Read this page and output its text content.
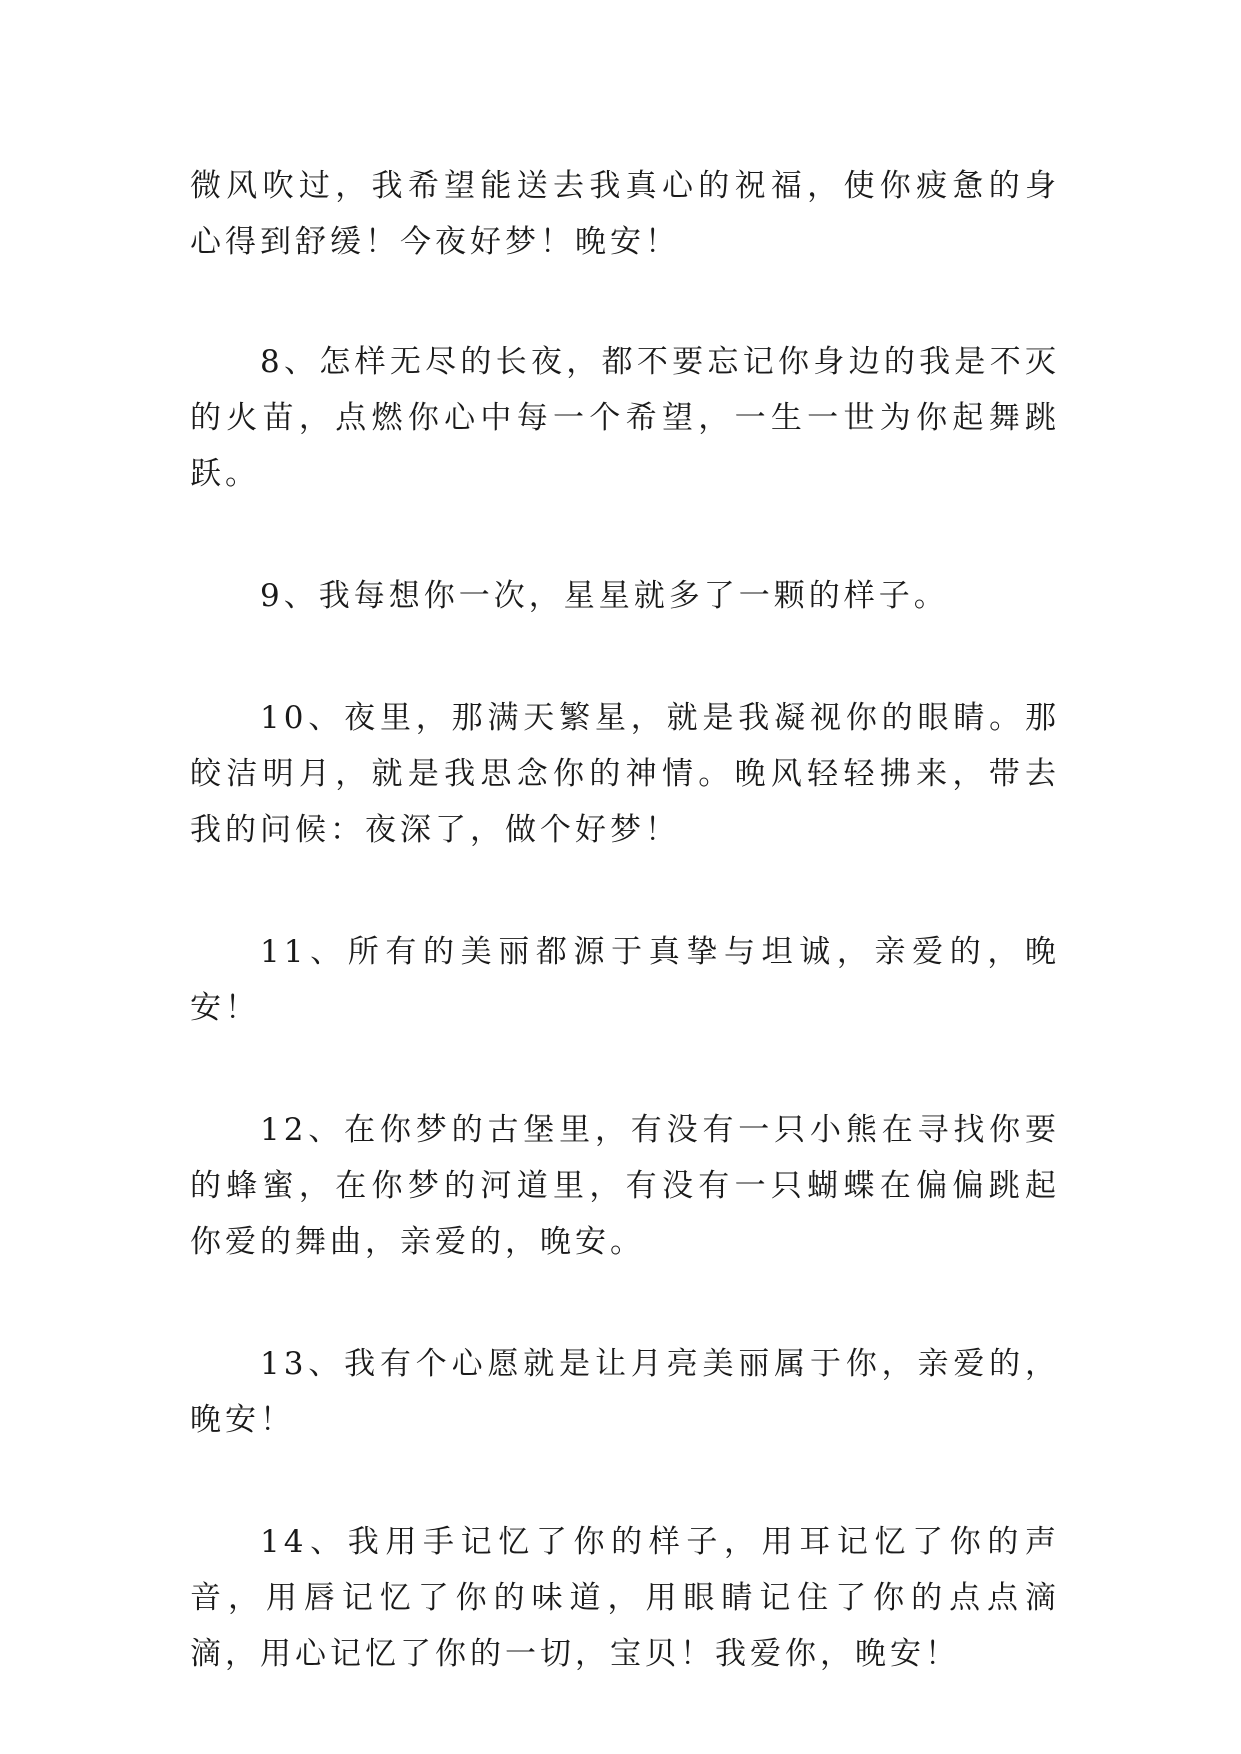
微风吹过，我希望能送去我真心的祝福，使你疲惫的身心得到舒缓！今夜好梦！晚安！

8、怎样无尽的长夜，都不要忘记你身边的我是不灭的火苗，点燃你心中每一个希望，一生一世为你起舞跳跃。

9、我每想你一次，星星就多了一颗的样子。

10、夜里，那满天繁星，就是我凝视你的眼睛。那皎洁明月，就是我思念你的神情。晚风轻轻拂来，带去我的问候：夜深了，做个好梦！

11、所有的美丽都源于真挚与坦诚，亲爱的，晚安！

12、在你梦的古堡里，有没有一只小熊在寻找你要的蜂蜜，在你梦的河道里，有没有一只蝴蝶在偏偏跳起你爱的舞曲，亲爱的，晚安。

13、我有个心愿就是让月亮美丽属于你，亲爱的，晚安！

14、我用手记忆了你的样子，用耳记忆了你的声音，用唇记忆了你的味道，用眼睛记住了你的点点滴滴，用心记忆了你的一切，宝贝！我爱你，晚安！
